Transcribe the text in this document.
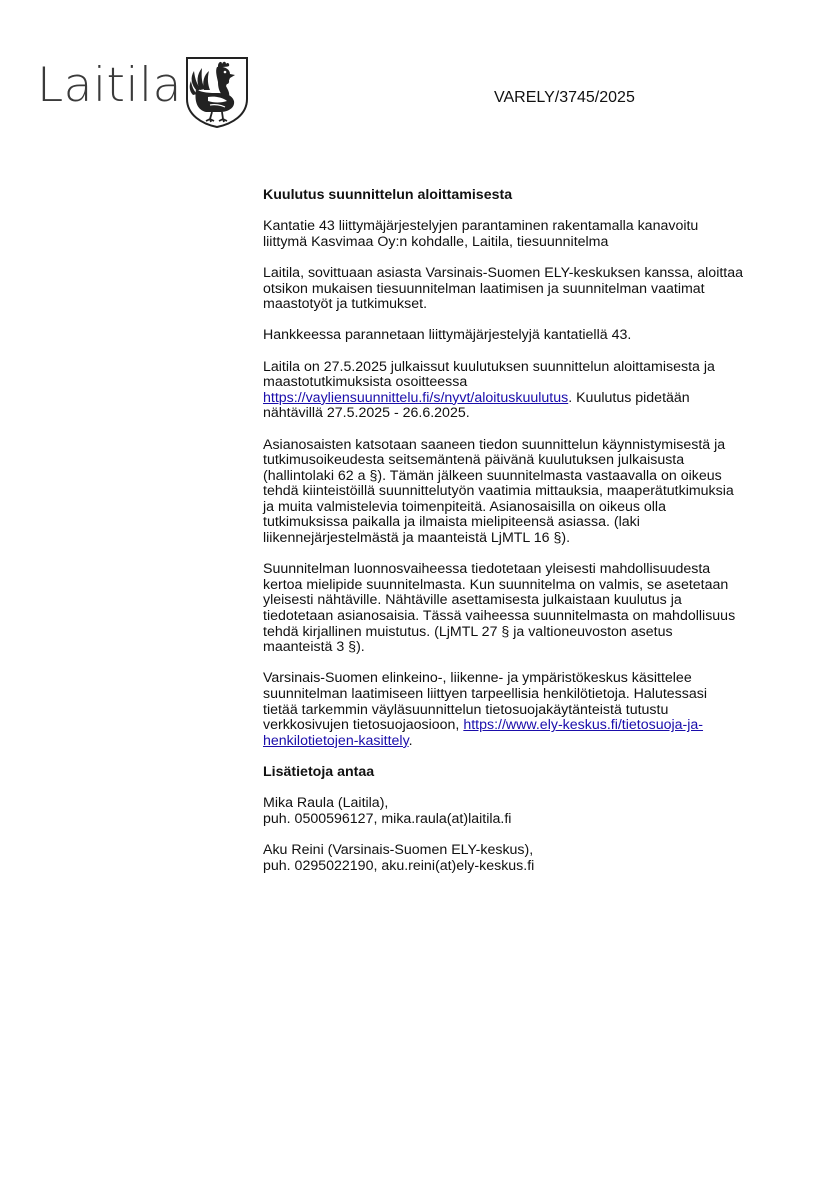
Laitila	VARELY/3745/2025

Kuulutus suunnittelun aloittamisesta

Kantatie 43 liittymäjärjestelyjen parantaminen rakentamalla kanavoitu liittymä Kasvimaa Oy:n kohdalle, Laitila, tiesuunnitelma

Laitila, sovittuaan asiasta Varsinais-Suomen ELY-keskuksen kanssa, aloittaa otsikon mukaisen tiesuunnitelman laatimisen ja suunnitelman vaatimat maastotyöt ja tutkimukset.

Hankkeessa parannetaan liittymäjärjestelyjä kantatiellä 43.

Laitila on 27.5.2025 julkaissut kuulutuksen suunnittelun aloittamisesta ja maastotutkimuksista osoitteessa https://vayliensuunnittelu.fi/s/nyvt/aloituskuulutus. Kuulutus pidetään nähtävillä 27.5.2025 - 26.6.2025.

Asianosaisten katsotaan saaneen tiedon suunnittelun käynnistymisestä ja tutkimusoikeudesta seitsemäntenä päivänä kuulutuksen julkaisusta (hallintolaki 62 a §). Tämän jälkeen suunnitelmasta vastaavalla on oikeus tehdä kiinteistöillä suunnittelutyön vaatimia mittauksia, maaperätutkimuksia ja muita valmistelevia toimenpiteitä. Asianosaisilla on oikeus olla tutkimuksissa paikalla ja ilmaista mielipiteensä asiassa. (laki liikennejärjestelmästä ja maanteistä LjMTL 16 §).

Suunnitelman luonnosvaiheessa tiedotetaan yleisesti mahdollisuudesta kertoa mielipide suunnitelmasta. Kun suunnitelma on valmis, se asetetaan yleisesti nähtäville. Nähtäville asettamisesta julkaistaan kuulutus ja tiedotetaan asianosaisia. Tässä vaiheessa suunnitelmasta on mahdollisuus tehdä kirjallinen muistutus. (LjMTL 27 § ja valtioneuvoston asetus maanteistä 3 §).

Varsinais-Suomen elinkeino-, liikenne- ja ympäristökeskus käsittelee suunnitelman laatimiseen liittyen tarpeellisia henkilötietoja. Halutessasi tietää tarkemmin väyläsuunnittelun tietosuojakäytänteistä tutustu verkkosivujen tietosuojaosioon, https://www.ely-keskus.fi/tietosuoja-ja-henkilotietojen-kasittely.

Lisätietoja antaa

Mika Raula (Laitila),
puh. 0500596127, mika.raula(at)laitila.fi

Aku Reini (Varsinais-Suomen ELY-keskus),
puh. 0295022190, aku.reini(at)ely-keskus.fi
